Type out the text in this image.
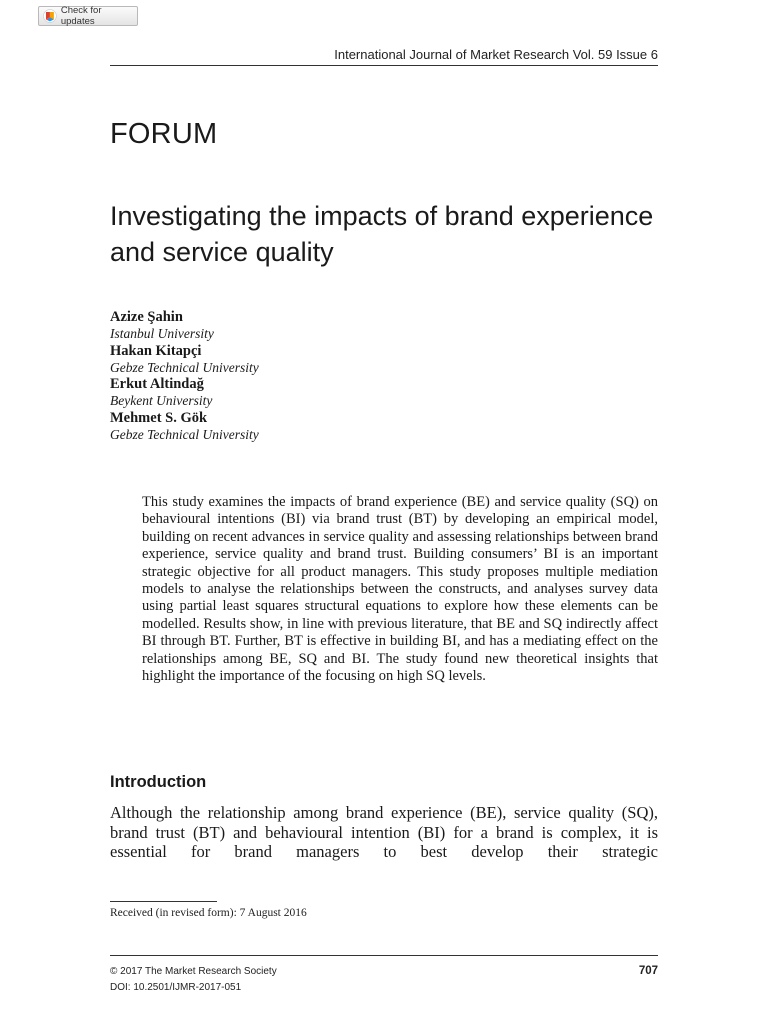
Check for updates
International Journal of Market Research Vol. 59 Issue 6
FORUM
Investigating the impacts of brand experience and service quality
Azize Şahin
Istanbul University
Hakan Kitapçi
Gebze Technical University
Erkut Altindağ
Beykent University
Mehmet S. Gök
Gebze Technical University

This study examines the impacts of brand experience (BE) and service quality (SQ) on behavioural intentions (BI) via brand trust (BT) by developing an empirical model, building on recent advances in service quality and assessing relationships between brand experience, service quality and brand trust. Building consumers’ BI is an important strategic objective for all product managers. This study proposes multiple mediation models to analyse the relationships between the constructs, and analyses survey data using partial least squares structural equations to explore how these elements can be modelled. Results show, in line with previous literature, that BE and SQ indirectly affect BI through BT. Further, BT is effective in building BI, and has a mediating effect on the relationships among BE, SQ and BI. The study found new theoretical insights that highlight the importance of the focusing on high SQ levels.

Introduction

Although the relationship among brand experience (BE), service quality (SQ), brand trust (BT) and behavioural intention (BI) for a brand is complex, it is essential for brand managers to best develop their strategic

Received (in revised form): 7 August 2016
© 2017 The Market Research Society
DOI: 10.2501/IJMR-2017-051
707
